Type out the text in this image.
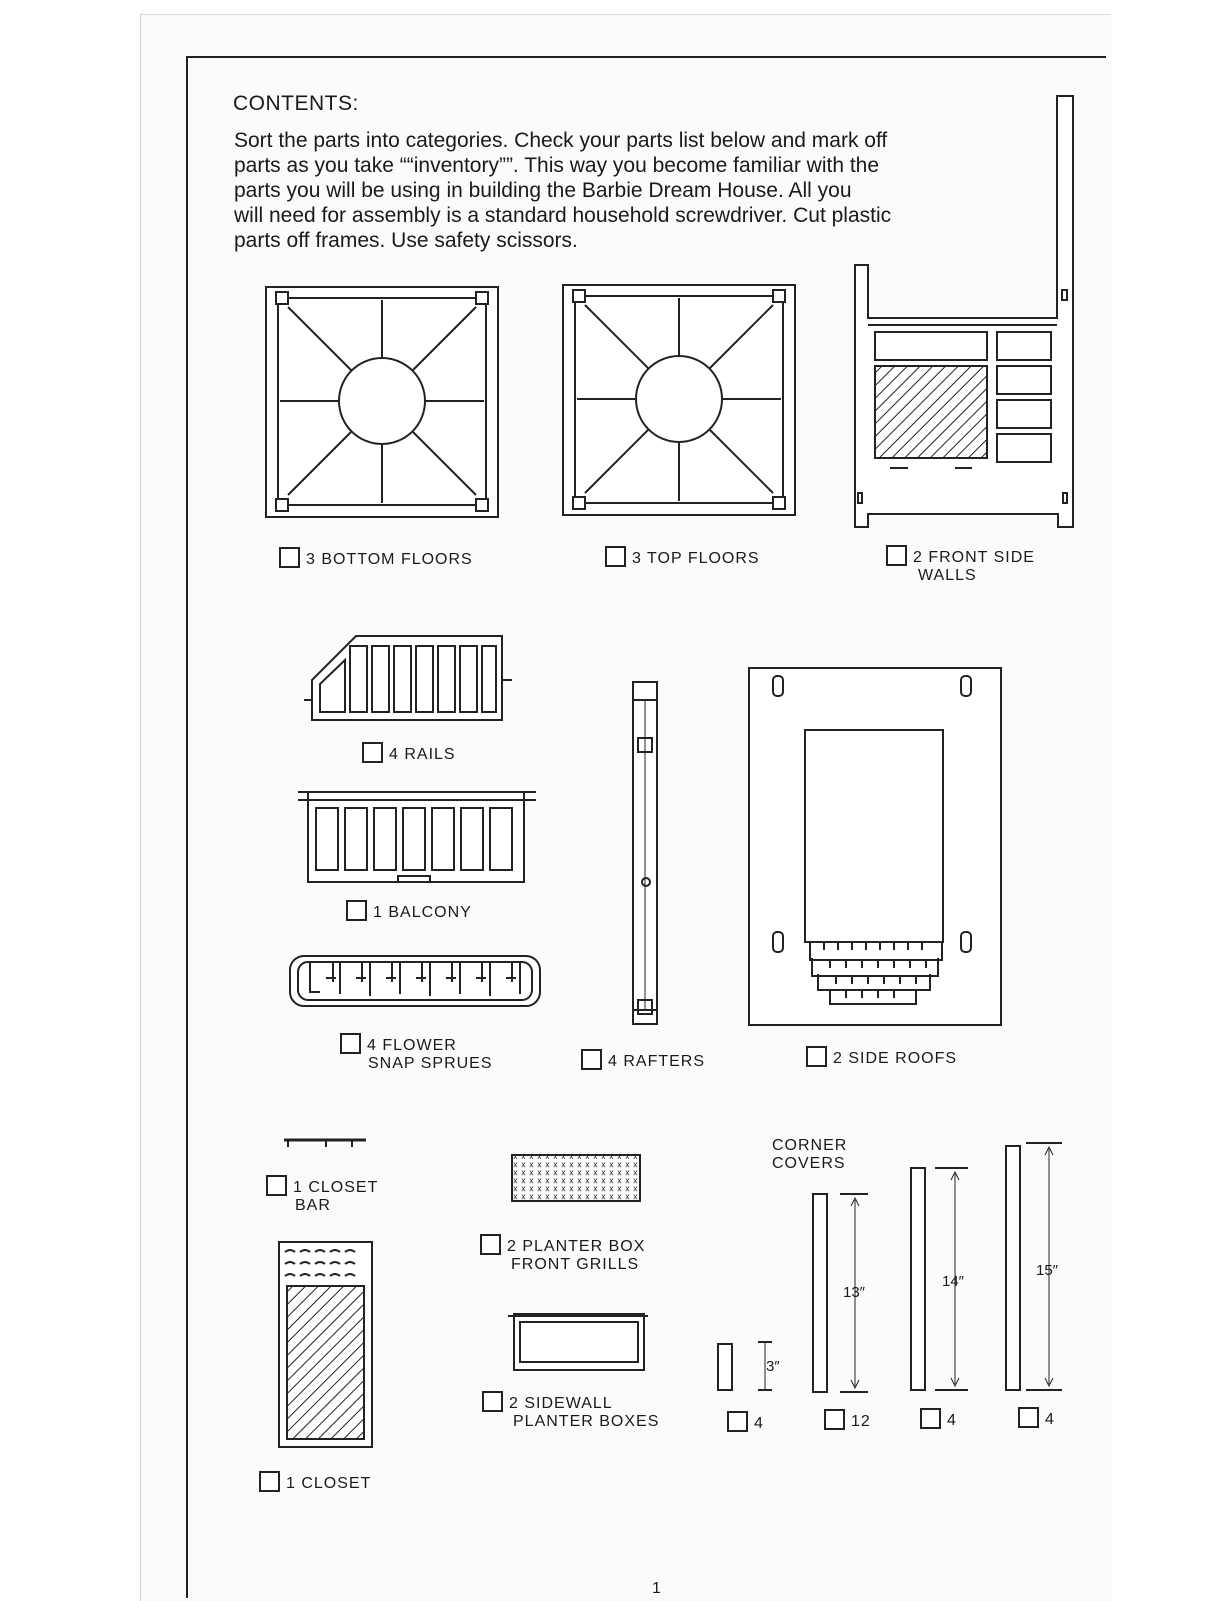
CONTENTS:
Sort the parts into categories. Check your parts list below and mark off
parts as you take ““inventory””. This way you become familiar with the
parts you will be using in building the Barbie Dream House. All you
will need for assembly is a standard household screwdriver. Cut plastic
parts off frames. Use safety scissors.
3 BOTTOM FLOORS	3 TOP FLOORS	2 FRONT SIDE
WALLS
4 RAILS
1 BALCONY
4 FLOWER
SNAP SPRUES	4 RAFTERS	2 SIDE ROOFS
1 CLOSET
BAR
2 PLANTER BOX
FRONT GRILLS
2 SIDEWALL
PLANTER BOXES
1 CLOSET
CORNER
COVERS
3″
13″
14″
15″
4	12	4	4
1
